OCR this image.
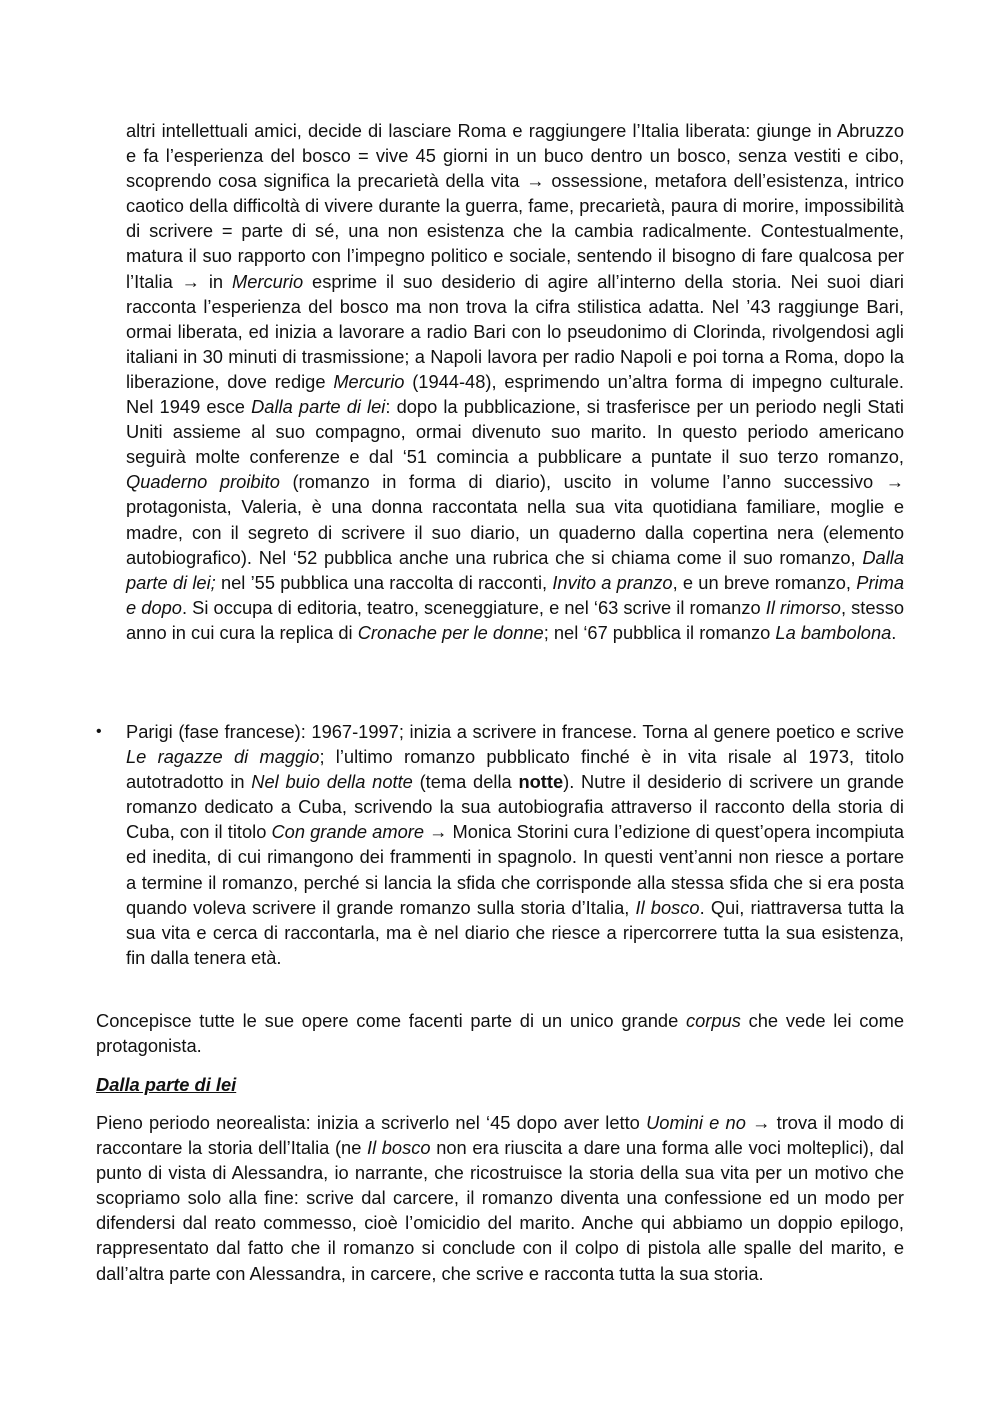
altri intellettuali amici, decide di lasciare Roma e raggiungere l’Italia liberata: giunge in Abruzzo e fa l’esperienza del bosco = vive 45 giorni in un buco dentro un bosco, senza vestiti e cibo, scoprendo cosa significa la precarietà della vita → ossessione, metafora dell’esistenza, intrico caotico della difficoltà di vivere durante la guerra, fame, precarietà, paura di morire, impossibilità di scrivere = parte di sé, una non esistenza che la cambia radicalmente. Contestualmente, matura il suo rapporto con l’impegno politico e sociale, sentendo il bisogno di fare qualcosa per l’Italia → in Mercurio esprime il suo desiderio di agire all’interno della storia. Nei suoi diari racconta l’esperienza del bosco ma non trova la cifra stilistica adatta. Nel ’43 raggiunge Bari, ormai liberata, ed inizia a lavorare a radio Bari con lo pseudonimo di Clorinda, rivolgendosi agli italiani in 30 minuti di trasmissione; a Napoli lavora per radio Napoli e poi torna a Roma, dopo la liberazione, dove redige Mercurio (1944-48), esprimendo un’altra forma di impegno culturale. Nel 1949 esce Dalla parte di lei: dopo la pubblicazione, si trasferisce per un periodo negli Stati Uniti assieme al suo compagno, ormai divenuto suo marito. In questo periodo americano seguirà molte conferenze e dal ‘51 comincia a pubblicare a puntate il suo terzo romanzo, Quaderno proibito (romanzo in forma di diario), uscito in volume l’anno successivo → protagonista, Valeria, è una donna raccontata nella sua vita quotidiana familiare, moglie e madre, con il segreto di scrivere il suo diario, un quaderno dalla copertina nera (elemento autobiografico). Nel ‘52 pubblica anche una rubrica che si chiama come il suo romanzo, Dalla parte di lei; nel ’55 pubblica una raccolta di racconti, Invito a pranzo, e un breve romanzo, Prima e dopo. Si occupa di editoria, teatro, sceneggiature, e nel ‘63 scrive il romanzo Il rimorso, stesso anno in cui cura la replica di Cronache per le donne; nel ‘67 pubblica il romanzo La bambolona.

• Parigi (fase francese): 1967-1997; inizia a scrivere in francese. Torna al genere poetico e scrive Le ragazze di maggio; l’ultimo romanzo pubblicato finché è in vita risale al 1973, titolo autotradotto in Nel buio della notte (tema della notte). Nutre il desiderio di scrivere un grande romanzo dedicato a Cuba, scrivendo la sua autobiografia attraverso il racconto della storia di Cuba, con il titolo Con grande amore → Monica Storini cura l’edizione di quest’opera incompiuta ed inedita, di cui rimangono dei frammenti in spagnolo. In questi vent’anni non riesce a portare a termine il romanzo, perché si lancia la sfida che corrisponde alla stessa sfida che si era posta quando voleva scrivere il grande romanzo sulla storia d’Italia, Il bosco. Qui, riattraversa tutta la sua vita e cerca di raccontarla, ma è nel diario che riesce a ripercorrere tutta la sua esistenza, fin dalla tenera età.

Concepisce tutte le sue opere come facenti parte di un unico grande corpus che vede lei come protagonista.

Dalla parte di lei

Pieno periodo neorealista: inizia a scriverlo nel ‘45 dopo aver letto Uomini e no → trova il modo di raccontare la storia dell’Italia (ne Il bosco non era riuscita a dare una forma alle voci molteplici), dal punto di vista di Alessandra, io narrante, che ricostruisce la storia della sua vita per un motivo che scopriamo solo alla fine: scrive dal carcere, il romanzo diventa una confessione ed un modo per difendersi dal reato commesso, cioè l’omicidio del marito. Anche qui abbiamo un doppio epilogo, rappresentato dal fatto che il romanzo si conclude con il colpo di pistola alle spalle del marito, e dall’altra parte con Alessandra, in carcere, che scrive e racconta tutta la sua storia.
